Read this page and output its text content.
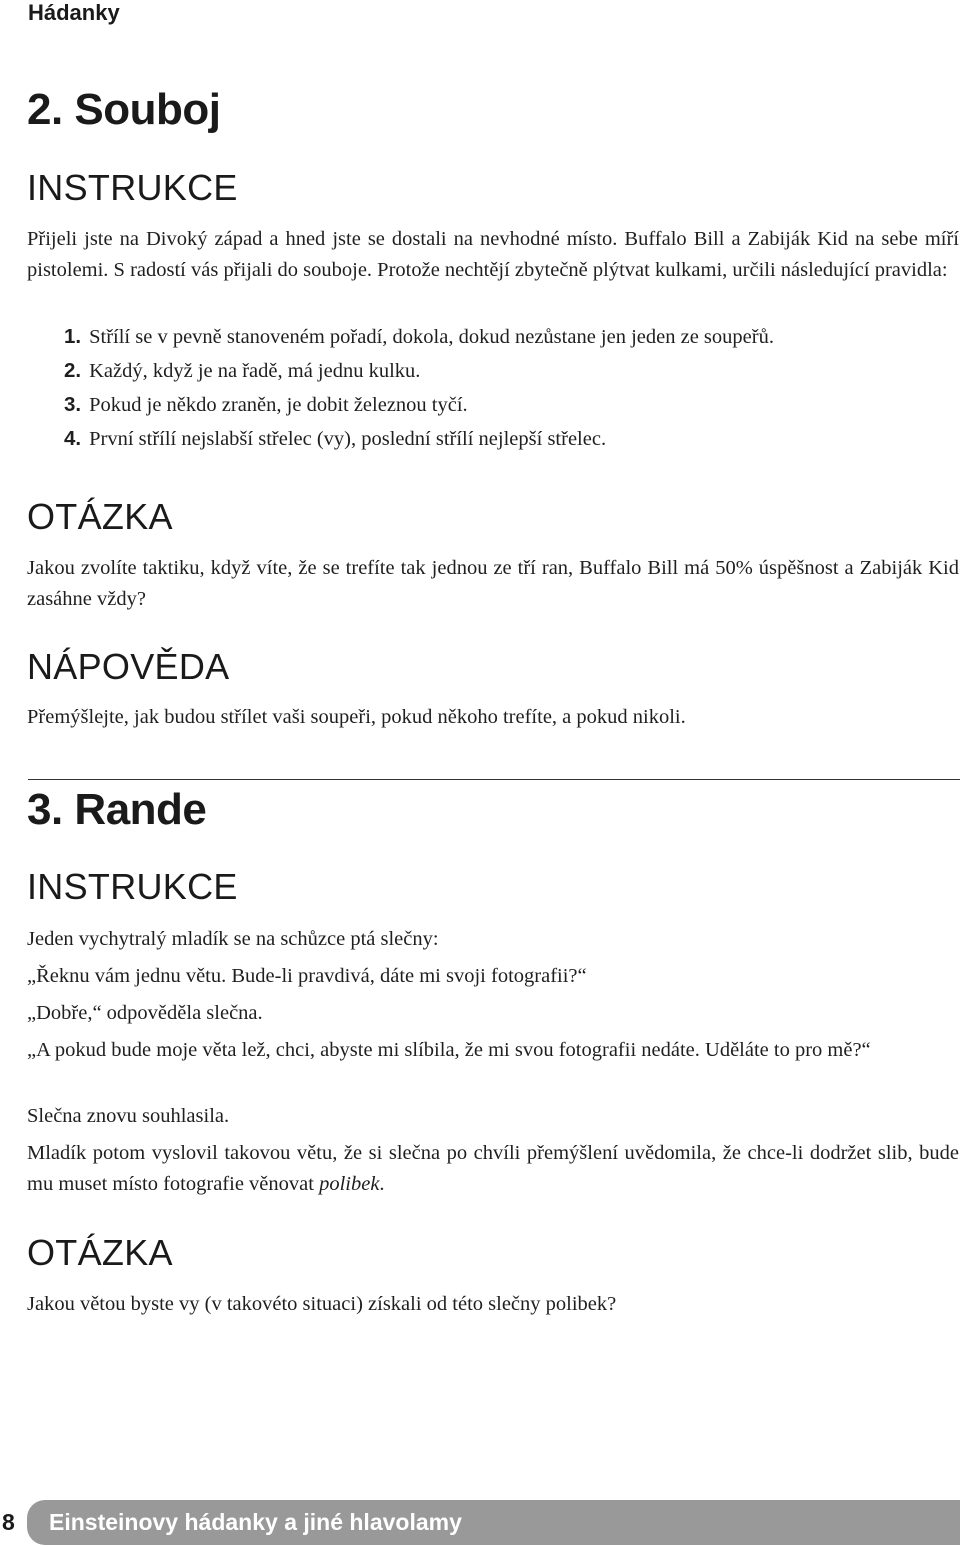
Hádanky
2. Souboj
INSTRUKCE
Přijeli jste na Divoký západ a hned jste se dostali na nevhodné místo. Buffalo Bill a Zabiják Kid na sebe míří pistolemi. S radostí vás přijali do souboje. Protože nechtějí zbytečně plýtvat kulkami, určili následující pravidla:
1. Střílí se v pevně stanoveném pořadí, dokola, dokud nezůstane jen jeden ze soupeřů.
2. Každý, když je na řadě, má jednu kulku.
3. Pokud je někdo zraněn, je dobit železnou tyčí.
4. První střílí nejslabší střelec (vy), poslední střílí nejlepší střelec.
OTÁZKA
Jakou zvolíte taktiku, když víte, že se trefíte tak jednou ze tří ran, Buffalo Bill má 50% úspěšnost a Zabiják Kid zasáhne vždy?
NÁPOVĚDA
Přemýšlejte, jak budou střílet vaši soupeři, pokud někoho trefíte, a pokud nikoli.
3. Rande
INSTRUKCE
Jeden vychytralý mladík se na schůzce ptá slečny:
„Řeknu vám jednu větu. Bude-li pravdivá, dáte mi svoji fotografii?“
„Dobře,“ odpověděla slečna.
„A pokud bude moje věta lež, chci, abyste mi slíbila, že mi svou fotografii nedáte. Uděláte to pro mě?“
Slečna znovu souhlasila.
Mladík potom vyslovil takovou větu, že si slečna po chvíli přemýšlení uvědomila, že chce-li dodržet slib, bude mu muset místo fotografie věnovat polibek.
OTÁZKA
Jakou větou byste vy (v takovéto situaci) získali od této slečny polibek?
8 Einsteinovy hádanky a jiné hlavolamy
